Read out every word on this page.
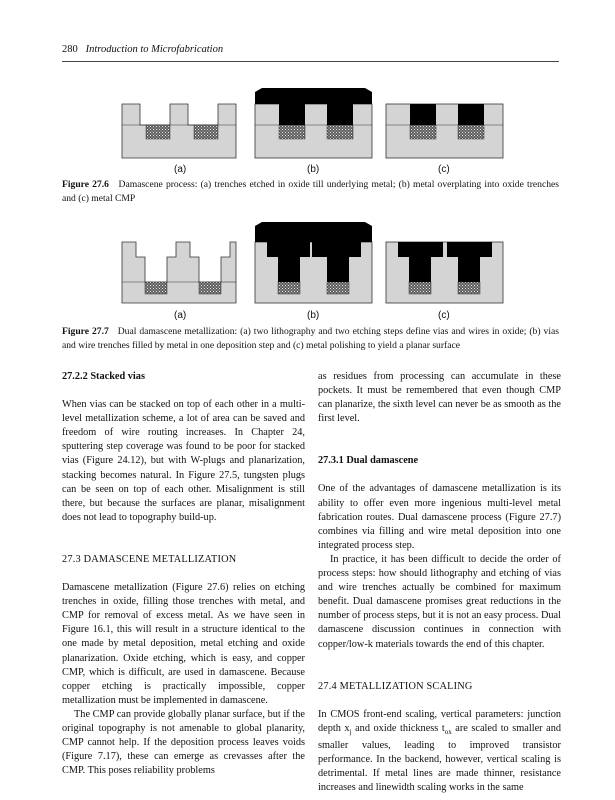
280 Introduction to Microfabrication
(a)	(b)	(c)
Figure 27.6 Damascene process: (a) trenches etched in oxide till underlying metal; (b) metal overplating into oxide trenches and (c) metal CMP
(a)	(b)	(c)
Figure 27.7 Dual damascene metallization: (a) two lithography and two etching steps define vias and wires in oxide; (b) vias and wire trenches filled by metal in one deposition step and (c) metal polishing to yield a planar surface

27.2.2 Stacked vias

When vias can be stacked on top of each other in a multi-level metallization scheme, a lot of area can be saved and freedom of wire routing increases. In Chapter 24, sputtering step coverage was found to be poor for stacked vias (Figure 24.12), but with W-plugs and planarization, stacking becomes natural. In Figure 27.5, tungsten plugs can be seen on top of each other. Misalignment is still there, but because the surfaces are planar, misalignment does not lead to topography build-up.

27.3 DAMASCENE METALLIZATION

Damascene metallization (Figure 27.6) relies on etching trenches in oxide, filling those trenches with metal, and CMP for removal of excess metal. As we have seen in Figure 16.1, this will result in a structure identical to the one made by metal deposition, metal etching and oxide planarization. Oxide etching, which is easy, and copper CMP, which is difficult, are used in damascene. Because copper etching is practically impossible, copper metallization must be implemented in damascene.

The CMP can provide globally planar surface, but if the original topography is not amenable to global planarity, CMP cannot help. If the deposition process leaves voids (Figure 7.17), these can emerge as crevasses after the CMP. This poses reliability problems

as residues from processing can accumulate in these pockets. It must be remembered that even though CMP can planarize, the sixth level can never be as smooth as the first level.

27.3.1 Dual damascene

One of the advantages of damascene metallization is its ability to offer even more ingenious multi-level metal fabrication routes. Dual damascene process (Figure 27.7) combines via filling and wire metal deposition into one integrated process step.

In practice, it has been difficult to decide the order of process steps: how should lithography and etching of vias and wire trenches actually be combined for maximum benefit. Dual damascene promises great reductions in the number of process steps, but it is not an easy process. Dual damascene discussion continues in connection with copper/low-k materials towards the end of this chapter.

27.4 METALLIZATION SCALING

In CMOS front-end scaling, vertical parameters: junction depth $x_j$ and oxide thickness $t_{ox}$ are scaled to smaller and smaller values, leading to improved transistor performance. In the backend, however, vertical scaling is detrimental. If metal lines are made thinner, resistance increases and linewidth scaling works in the same
